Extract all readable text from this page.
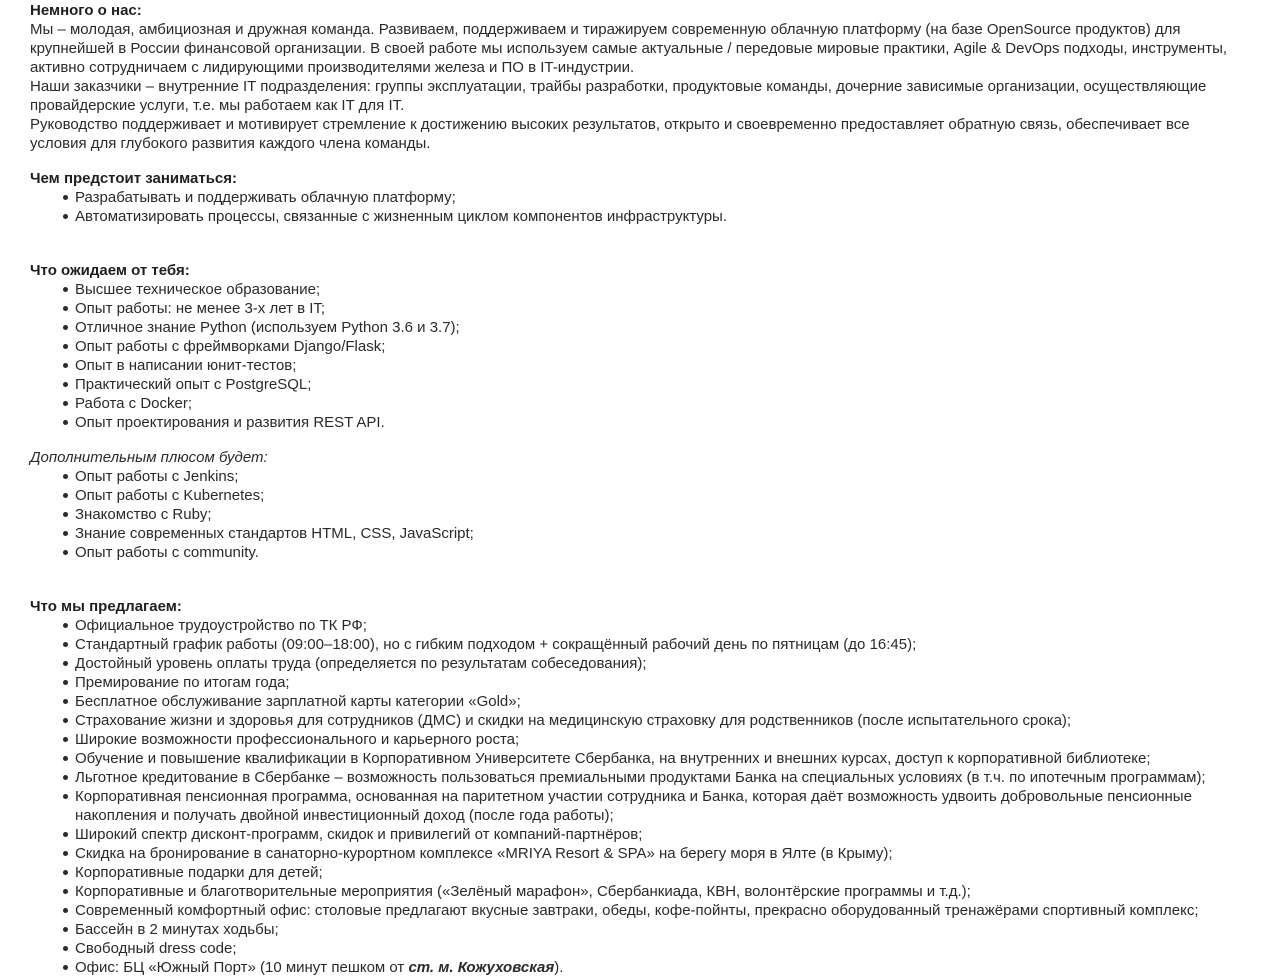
Немного о нас:

Мы – молодая, амбициозная и дружная команда. Развиваем, поддерживаем и тиражируем современную облачную платформу (на базе OpenSource продуктов) для крупнейшей в России финансовой организации. В своей работе мы используем самые актуальные / передовые мировые практики, Agile & DevOps подходы, инструменты, активно сотрудничаем с лидирующими производителями железа и ПО в IT-индустрии.

Наши заказчики – внутренние IT подразделения: группы эксплуатации, трайбы разработки, продуктовые команды, дочерние зависимые организации, осуществляющие провайдерские услуги, т.е. мы работаем как IT для IT.

Руководство поддерживает и мотивирует стремление к достижению высоких результатов, открыто и своевременно предоставляет обратную связь, обеспечивает все условия для глубокого развития каждого члена команды.

Чем предстоит заниматься:

Разрабатывать и поддерживать облачную платформу;
Автоматизировать процессы, связанные с жизненным циклом компонентов инфраструктуры.

Что ожидаем от тебя:

Высшее техническое образование;
Опыт работы: не менее 3-х лет в IT;
Отличное знание Python (используем Python 3.6 и 3.7);
Опыт работы с фреймворками Django/Flask;
Опыт в написании юнит-тестов;
Практический опыт с PostgreSQL;
Работа с Docker;
Опыт проектирования и развития REST API.

Дополнительным плюсом будет:

Опыт работы с Jenkins;
Опыт работы с Kubernetes;
Знакомство с Ruby;
Знание современных стандартов HTML, CSS, JavaScript;
Опыт работы с community.

Что мы предлагаем:

Официальное трудоустройство по ТК РФ;
Стандартный график работы (09:00–18:00), но с гибким подходом + сокращённый рабочий день по пятницам (до 16:45);
Достойный уровень оплаты труда (определяется по результатам собеседования);
Премирование по итогам года;
Бесплатное обслуживание зарплатной карты категории «Gold»;
Страхование жизни и здоровья для сотрудников (ДМС) и скидки на медицинскую страховку для родственников (после испытательного срока);
Широкие возможности профессионального и карьерного роста;
Обучение и повышение квалификации в Корпоративном Университете Сбербанка, на внутренних и внешних курсах, доступ к корпоративной библиотеке;
Льготное кредитование в Сбербанке – возможность пользоваться премиальными продуктами Банка на специальных условиях (в т.ч. по ипотечным программам);
Корпоративная пенсионная программа, основанная на паритетном участии сотрудника и Банка, которая даёт возможность удвоить добровольные пенсионные накопления и получать двойной инвестиционный доход (после года работы);
Широкий спектр дисконт-программ, скидок и привилегий от компаний-партнёров;
Скидка на бронирование в санаторно-курортном комплексе «MRIYA Resort & SPA» на берегу моря в Ялте (в Крыму);
Корпоративные подарки для детей;
Корпоративные и благотворительные мероприятия («Зелёный марафон», Сбербанкиада, КВН, волонтёрские программы и т.д.);
Современный комфортный офис: столовые предлагают вкусные завтраки, обеды, кофе-пойнты, прекрасно оборудованный тренажёрами спортивный комплекс;
Бассейн в 2 минутах ходьбы;
Свободный dress code;
Офис: БЦ «Южный Порт» (10 минут пешком от ст. м. Кожуховская).
